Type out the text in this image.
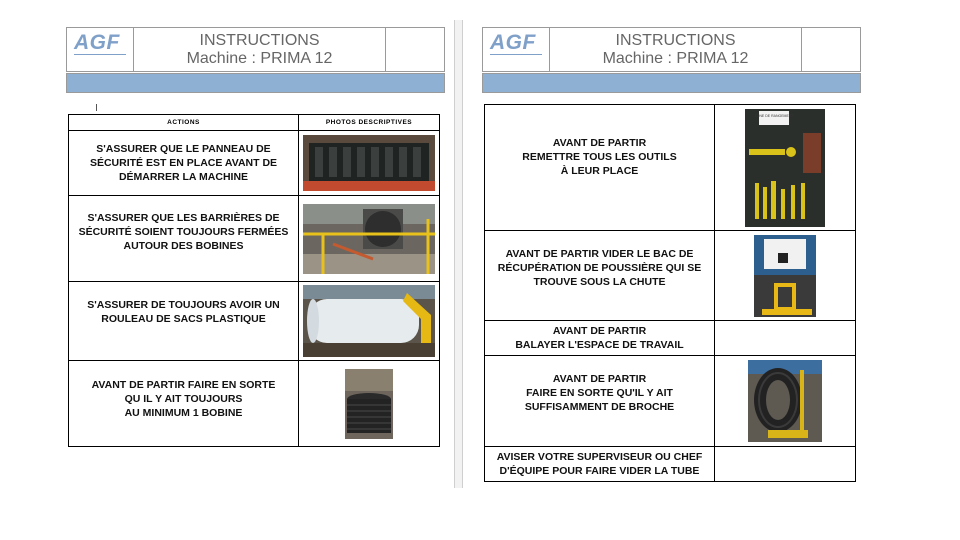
AGF	INSTRUCTIONS
Machine : PRIMA 12
ACTIONS	PHOTOS DESCRIPTIVES

S'ASSURER QUE LE PANNEAU DE
SÉCURITÉ EST EN PLACE AVANT DE
DÉMARRER LA MACHINE

S'ASSURER QUE LES BARRIÈRES DE
SÉCURITÉ SOIENT TOUJOURS FERMÉES
AUTOUR DES BOBINES

S'ASSURER DE TOUJOURS AVOIR UN
ROULEAU DE SACS PLASTIQUE

AVANT DE PARTIR FAIRE EN SORTE
QU IL Y AIT TOUJOURS
AU MINIMUM 1 BOBINE

AGF	INSTRUCTIONS
Machine : PRIMA 12
AVANT DE PARTIR
REMETTRE TOUS LES OUTILS
À LEUR PLACE	ZONE DE RANGEMENT

AVANT DE PARTIR VIDER LE BAC DE
RÉCUPÉRATION DE POUSSIÈRE QUI SE
TROUVE SOUS LA CHUTE

AVANT DE PARTIR
BALAYER L'ESPACE DE TRAVAIL	

AVANT DE PARTIR
FAIRE EN SORTE QU'IL Y AIT
SUFFISAMMENT DE BROCHE

AVISER VOTRE SUPERVISEUR OU CHEF
D'ÉQUIPE POUR FAIRE VIDER LA TUBE	
